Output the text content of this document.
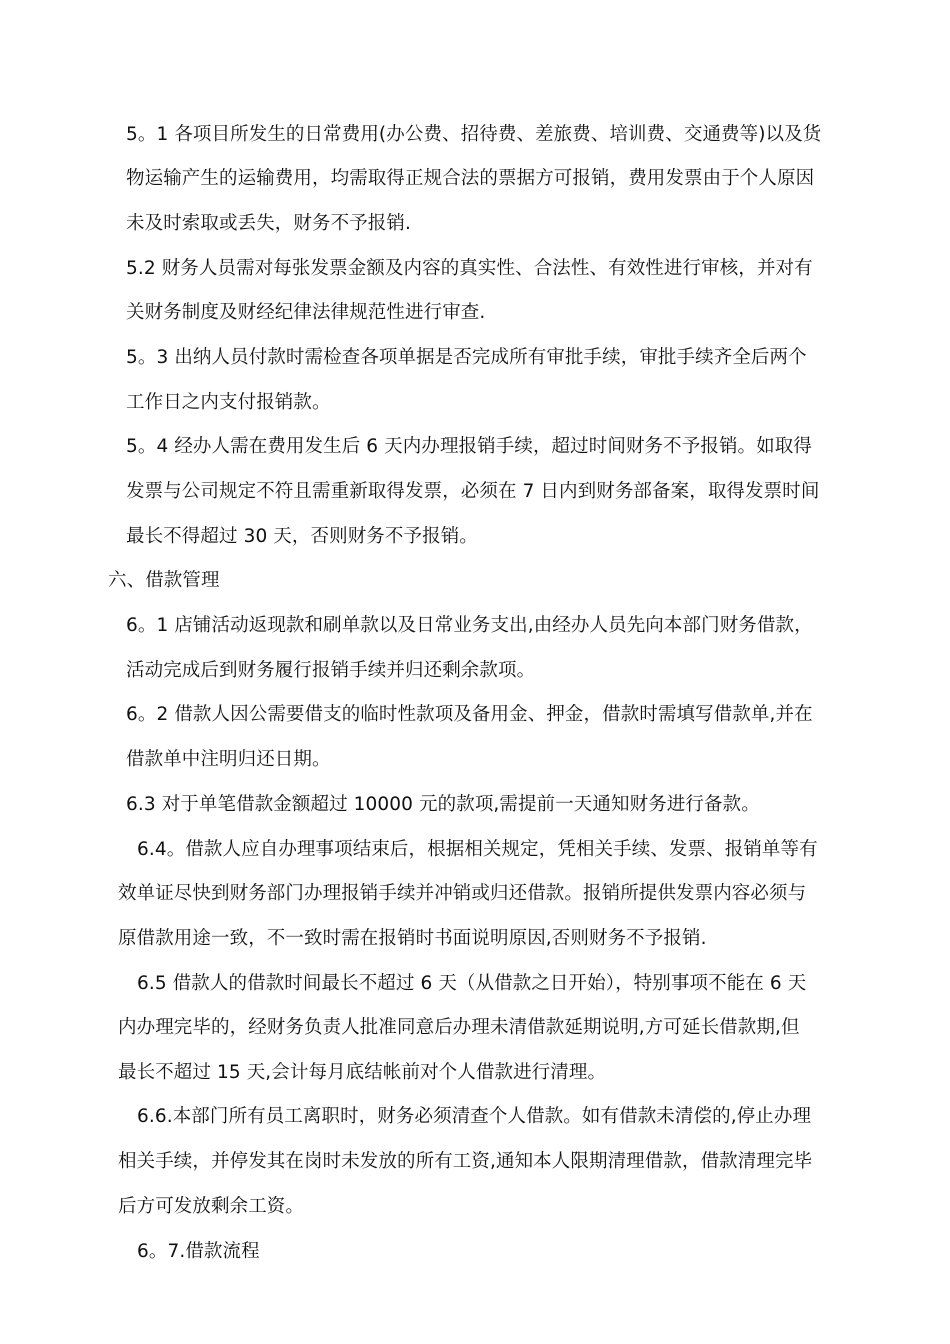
5。1 各项目所发生的日常费用(办公费、招待费、差旅费、培训费、交通费等)以及货
物运输产生的运输费用，均需取得正规合法的票据方可报销，费用发票由于个人原因
未及时索取或丢失，财务不予报销.
5.2 财务人员需对每张发票金额及内容的真实性、合法性、有效性进行审核，并对有
关财务制度及财经纪律法律规范性进行审查.
5。3 出纳人员付款时需检查各项单据是否完成所有审批手续，审批手续齐全后两个
工作日之内支付报销款。
5。4 经办人需在费用发生后 6 天内办理报销手续，超过时间财务不予报销。如取得
发票与公司规定不符且需重新取得发票，必须在 7 日内到财务部备案，取得发票时间
最长不得超过 30 天，否则财务不予报销。
六、借款管理
6。1 店铺活动返现款和刷单款以及日常业务支出,由经办人员先向本部门财务借款，
活动完成后到财务履行报销手续并归还剩余款项。
6。2 借款人因公需要借支的临时性款项及备用金、押金，借款时需填写借款单,并在
借款单中注明归还日期。
6.3 对于单笔借款金额超过 10000 元的款项,需提前一天通知财务进行备款。
6.4。借款人应自办理事项结束后，根据相关规定，凭相关手续、发票、报销单等有
效单证尽快到财务部门办理报销手续并冲销或归还借款。报销所提供发票内容必须与
原借款用途一致，不一致时需在报销时书面说明原因,否则财务不予报销.
6.5 借款人的借款时间最长不超过 6 天（从借款之日开始），特别事项不能在 6 天
内办理完毕的，经财务负责人批准同意后办理未清借款延期说明,方可延长借款期,但
最长不超过 15 天,会计每月底结帐前对个人借款进行清理。
6.6.本部门所有员工离职时，财务必须清查个人借款。如有借款未清偿的,停止办理
相关手续，并停发其在岗时未发放的所有工资,通知本人限期清理借款，借款清理完毕
后方可发放剩余工资。
6。7.借款流程
